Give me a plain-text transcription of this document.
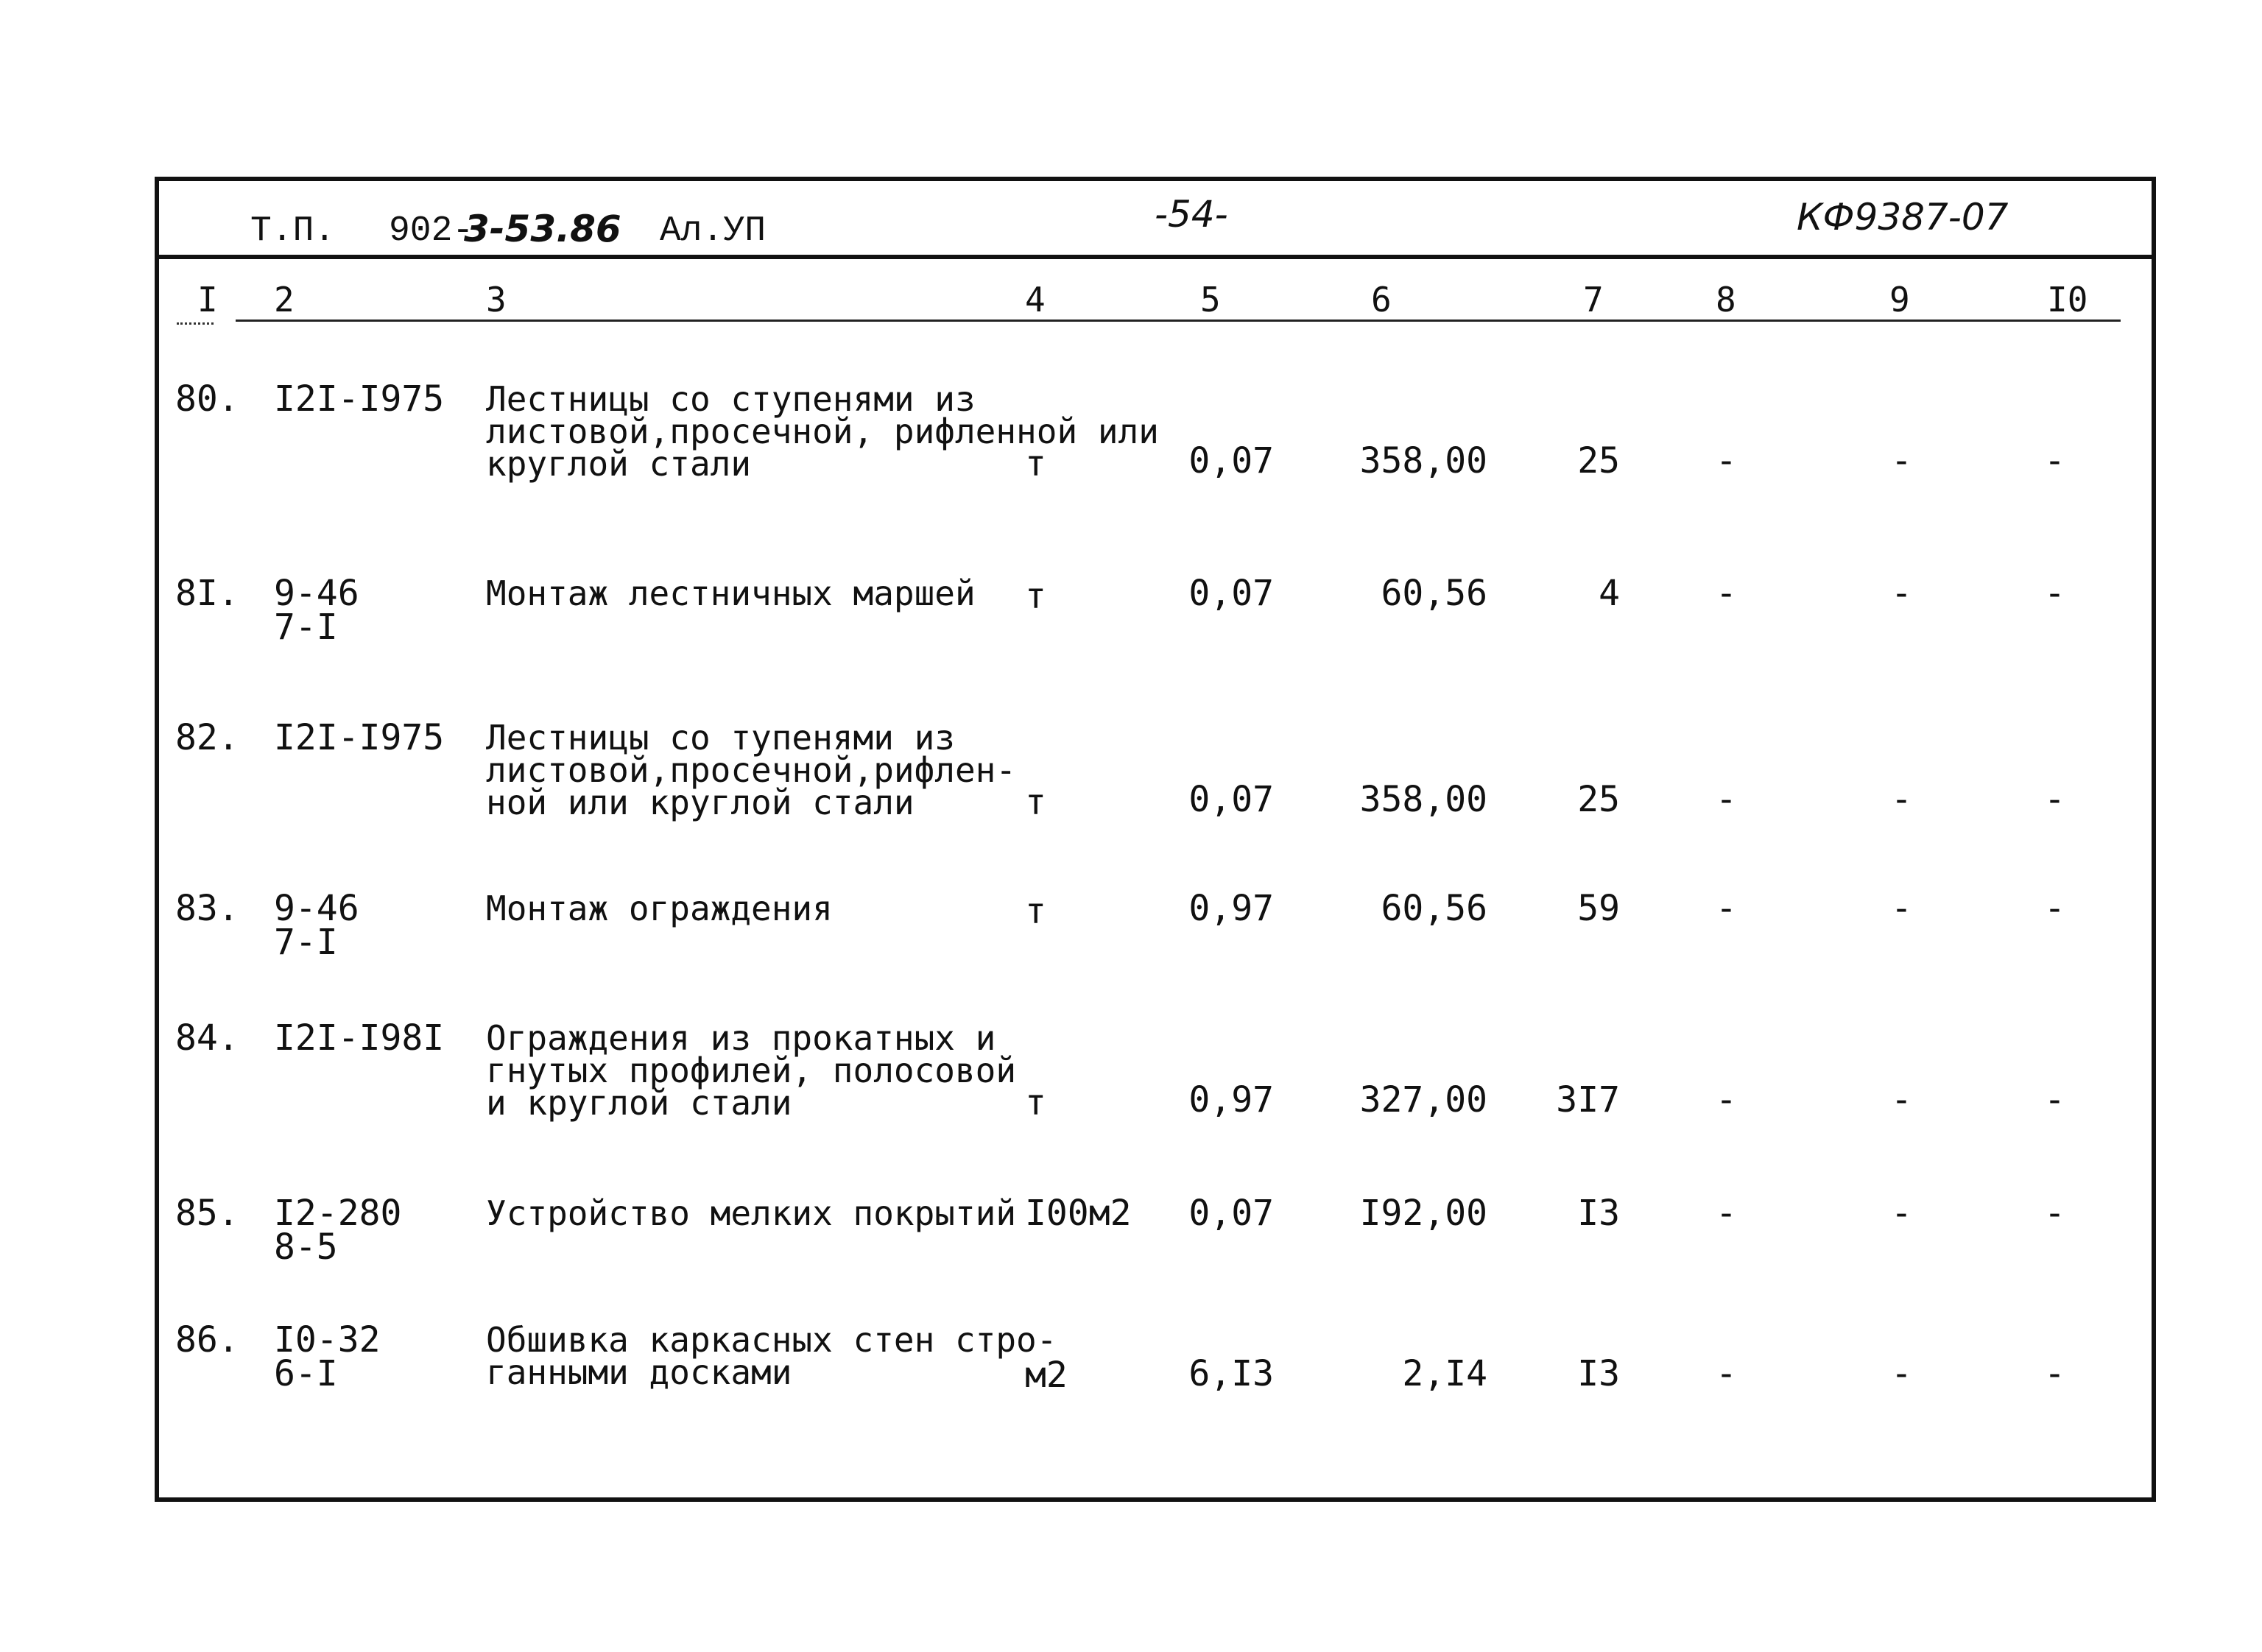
Т.П. 902-
3-53.86 Ал.УП	-54-	КФ9387-07
I 2	3	4	5	6	7	8	9	I0
80. I2I-I975 Лестницы со ступенями из
листовой,просечной, рифленной или
круглой стали	т	0,07	358,00	25	-	-	-
8I. 9-46
7-I
Монтаж лестничных маршей т	0,07	60,56	4	-	-	-
82. I2I-I975 Лестницы со тупенями из
листовой,просечной,рифлен-
ной или круглой стали	т	0,07	358,00	25	-	-	-
83. 9-46
7-I
Монтаж ограждения	т	0,97	60,56	59	-	-	-
84. I2I-I98I Ограждения из прокатных и
гнутых профилей, полосовой
и круглой стали	т	0,97	327,00	3I7	-	-	-
85. I2-280
8-5
Устройство мелких покрытий I00м2	0,07	I92,00	I3	-	-	-
86. I0-32
6-I
Обшивка каркасных стен стро-
ганными досками	м2	6,I3	2,I4	I3	-	-	-
